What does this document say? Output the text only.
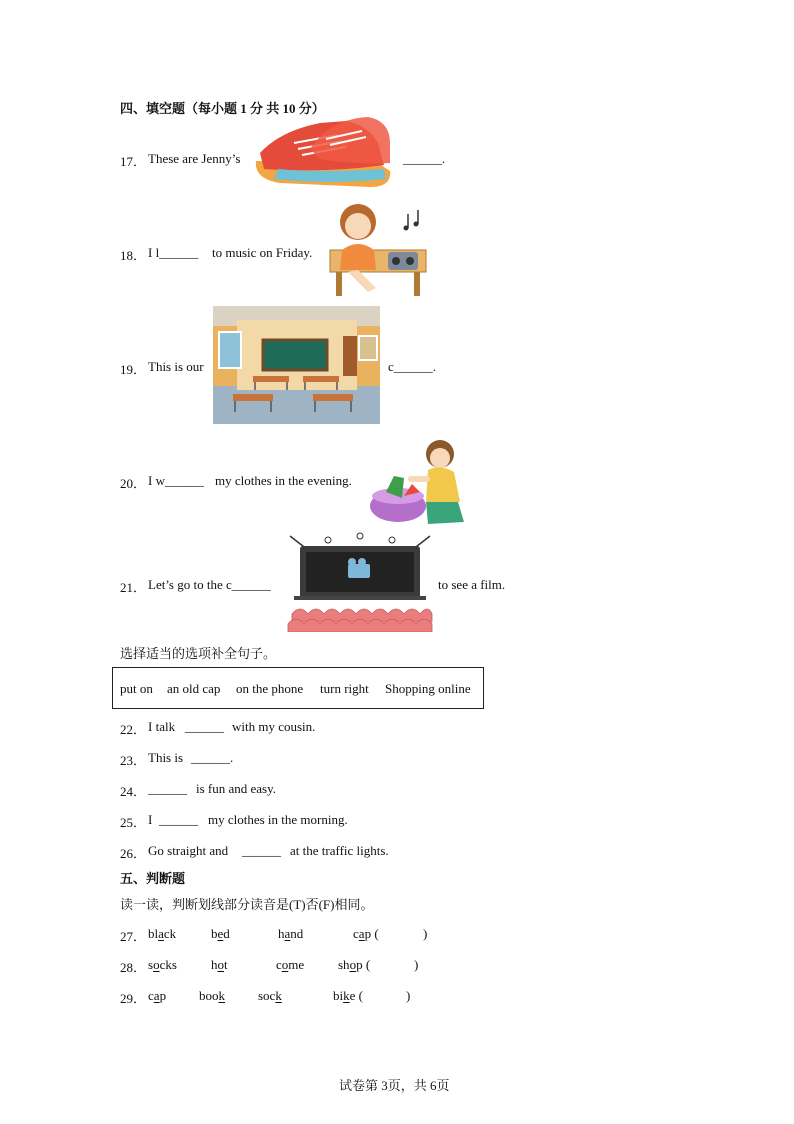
四、填空题（每小题 1 分 共 10 分）
17． These are Jenny’s	______.
18． I l______ to music on Friday.
19． This is our	c______.
20． I w______ my clothes in the evening.
21． Let’s go to the c______	to see a film.
选择适当的选项补全句子。
put on an old cap on the phone turn right Shopping online
22． I talk ______ with my cousin.
23． This is ______.
24． ______ is fun and easy.
25． I ______ my clothes in the morning.
26． Go straight and ______ at the traffic lights.
五、判断题
读一读，判断划线部分读音是(T)否(F)相同。
27． black	bed	hand	cap (	)
28． socks	hot	come	shop (	)
29． cap	book	sock	bike (	)
试卷第 3页，共 6页
